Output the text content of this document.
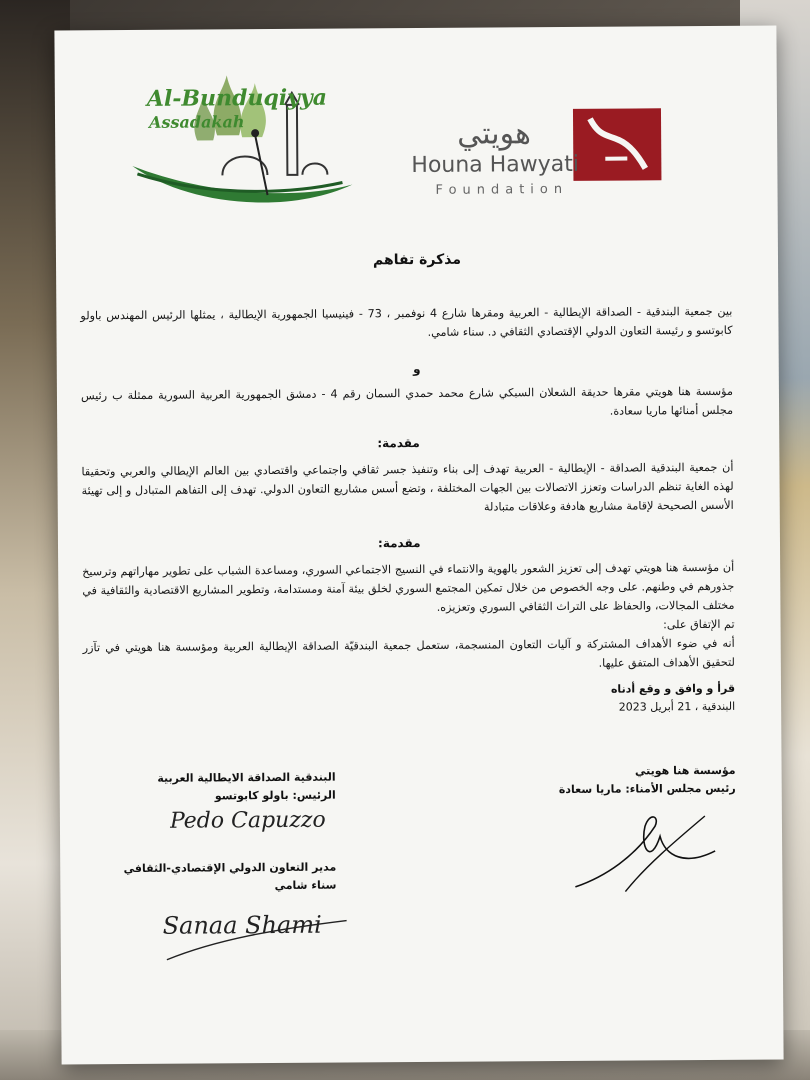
Al-Bunduqiyya
Assadakah	هويتي
Houna Hawyati
Foundation
مذكرة تفاهم
بين جمعية البندقية - الصداقة الإيطالية - العربية ومقرها شارع 4 نوفمبر ، 73 - فينيسيا الجمهورية الإيطالية ، يمثلها الرئيس المهندس باولو كابوتسو و رئيسة التعاون الدولي الإقتصادي الثقافي د. سناء شامي.
و
مؤسسة هنا هويتي مقرها حديقة الشعلان السبكي شارع محمد حمدي السمان رقم 4 - دمشق الجمهورية العربية السورية ممثلة ب رئيس مجلس أمنائها ماريا سعادة.
مقدمة:
أن جمعية البندقية الصداقة - الإيطالية - العربية تهدف إلى بناء وتنفيذ جسر ثقافي واجتماعي واقتصادي بين العالم الإيطالي والعربي وتحقيقا لهذه الغاية تنظم الدراسات وتعزز الاتصالات بين الجهات المختلفة ، وتضع أسس مشاريع التعاون الدولي. تهدف إلى التفاهم المتبادل و إلى تهيئة الأسس الصحيحة لإقامة مشاريع هادفة وعلاقات متبادلة
مقدمة:
أن مؤسسة هنا هويتي تهدف إلى تعزيز الشعور بالهوية والانتماء في النسيج الاجتماعي السوري، ومساعدة الشباب على تطوير مهاراتهم وترسيخ جذورهم في وطنهم. على وجه الخصوص من خلال تمكين المجتمع السوري لخلق بيئة آمنة ومستدامة، وتطوير المشاريع الاقتصادية والثقافية في مختلف المجالات، والحفاظ على التراث الثقافي السوري وتعزيزه.
تم الإتفاق على:
أنه في ضوء الأهداف المشتركة و آليات التعاون المنسجمة، ستعمل جمعية البندقيّة الصداقة الإيطالية العربية ومؤسسة هنا هويتي في تآزر لتحقيق الأهداف المتفق عليها.
قرأ و وافق و وقع أدناه
البندقية ، 21 أبريل 2023
مؤسسة هنا هويتي
رئيس مجلس الأمناء: ماريا سعادة
البندقية الصداقة الايطالية العربية
الرئيس: باولو كابوتسو
Pedo Capuzzo
مدير التعاون الدولي الإقتصادي-الثقافي
سناء شامي
Sanaa Shami
